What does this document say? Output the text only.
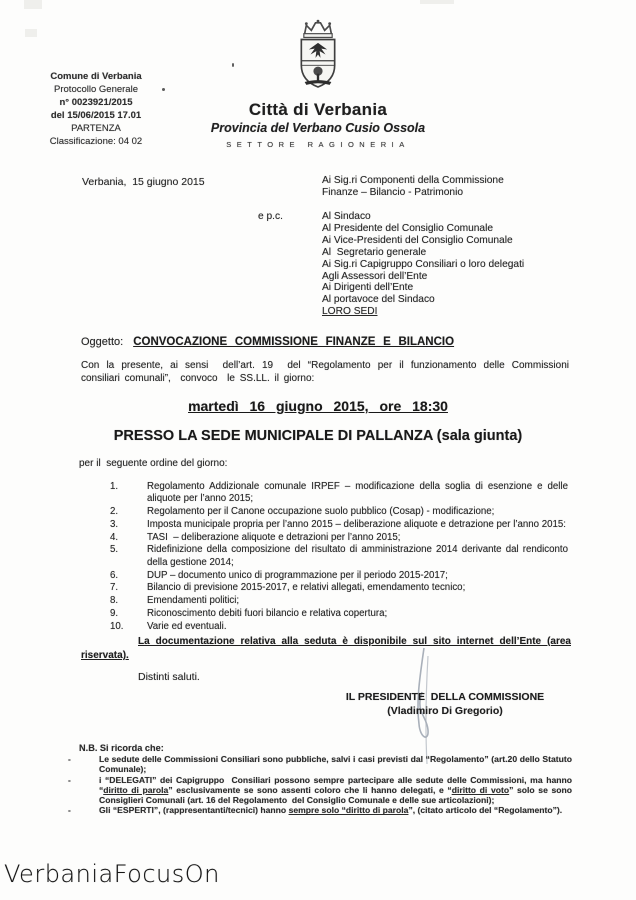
Comune di Verbania
Protocollo Generale
n° 0023921/2015
del 15/06/2015 17.01
PARTENZA
Classificazione: 04 02
Città di Verbania
Provincia del Verbano Cusio Ossola
SETTORE RAGIONERIA
Verbania,  15 giugno 2015	Ai Sig.ri Componenti della Commissione
Finanze – Bilancio - Patrimonio
e p.c.	Al Sindaco
Al Presidente del Consiglio Comunale
Ai Vice-Presidenti del Consiglio Comunale
Al  Segretario generale
Ai Sig.ri Capigruppo Consiliari o loro delegati
Agli Assessori dell’Ente
Ai Dirigenti dell’Ente
Al portavoce del Sindaco
LORO SEDI
Oggetto: CONVOCAZIONE COMMISSIONE FINANZE E BILANCIO

Con la presente, ai sensi  dell’art. 19  del “Regolamento per il funzionamento delle Commissioni consiliari comunali”,  convoco  le SS.LL. il giorno:

martedì 16 giugno 2015, ore 18:30
PRESSO LA SEDE MUNICIPALE DI PALLANZA (sala giunta)
per il  seguente ordine del giorno:
1.	Regolamento Addizionale comunale IRPEF – modificazione della soglia di esenzione e delle aliquote per l’anno 2015;
2.	Regolamento per il Canone occupazione suolo pubblico (Cosap) - modificazione;
3.	Imposta municipale propria per l’anno 2015 – deliberazione aliquote e detrazione per l’anno 2015:
4.	TASI  – deliberazione aliquote e detrazioni per l’anno 2015;
5.	Ridefinizione della composizione del risultato di amministrazione 2014 derivante dal rendiconto della gestione 2014;
6.	DUP – documento unico di programmazione per il periodo 2015-2017;
7.	Bilancio di previsione 2015-2017, e relativi allegati, emendamento tecnico;
8.	Emendamenti politici;
9.	Riconoscimento debiti fuori bilancio e relativa copertura;
10.	Varie ed eventuali.

La documentazione relativa alla seduta è disponibile sul sito internet dell’Ente (area riservata).

Distinti saluti.
IL PRESIDENTE  DELLA COMMISSIONE
(Vladimiro Di Gregorio)
N.B. Si ricorda che:
-	Le sedute delle Commissioni Consiliari sono pubbliche, salvi i casi previsti dal “Regolamento” (art.20 dello Statuto Comunale);
-	i “DELEGATI” dei Capigruppo  Consiliari possono sempre partecipare alle sedute delle Commissioni, ma hanno “diritto di parola” esclusivamente se sono assenti coloro che li hanno delegati, e “diritto di voto” solo se sono Consiglieri Comunali (art. 16 del Regolamento  del Consiglio Comunale e delle sue articolazioni);
-	Gli “ESPERTI”, (rappresentanti/tecnici) hanno sempre solo “diritto di parola”, (citato articolo del “Regolamento”).
VerbaniaFocusOn
